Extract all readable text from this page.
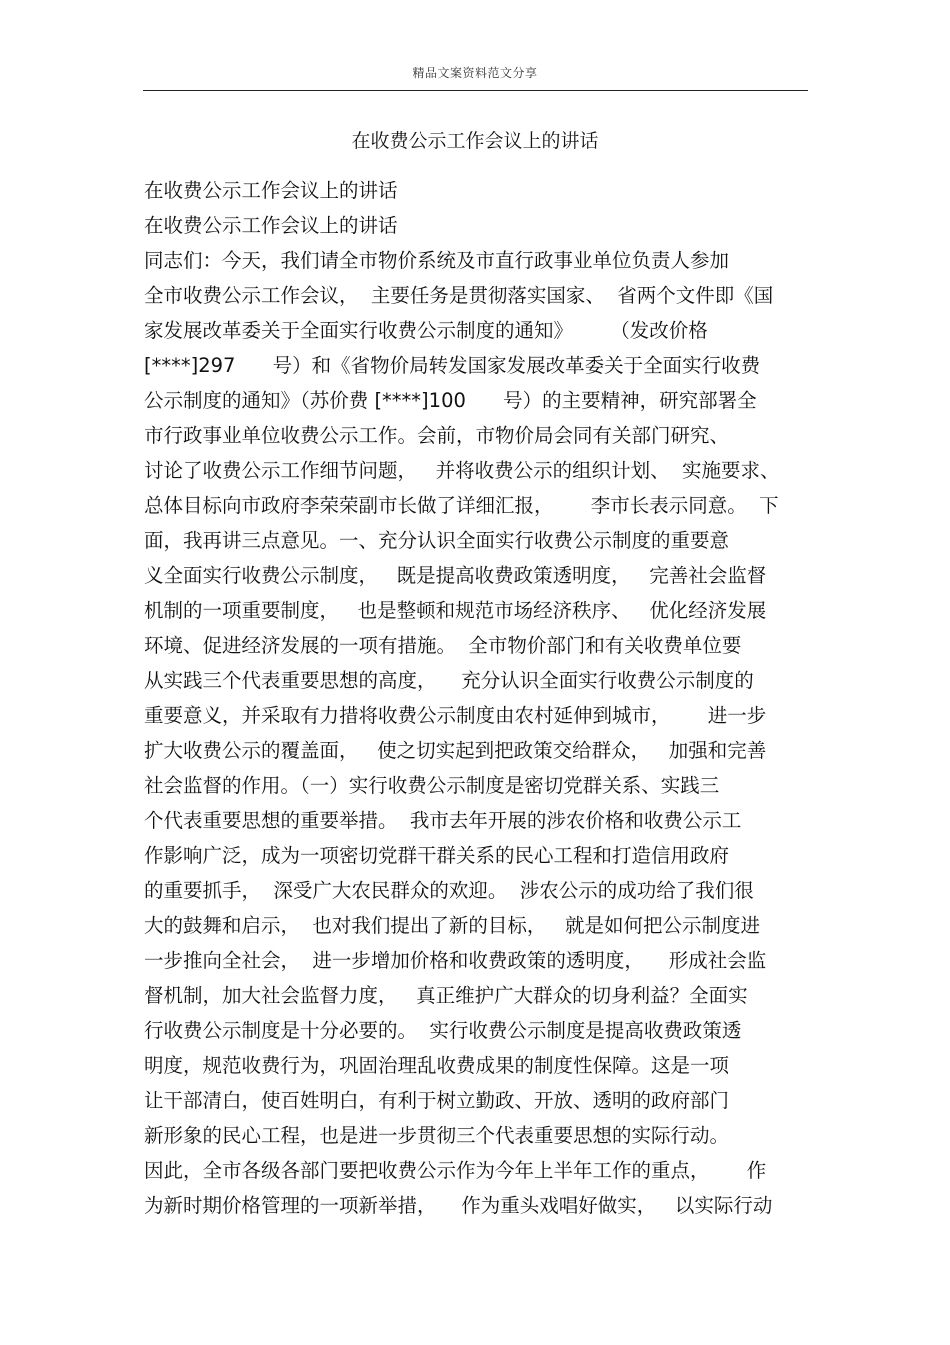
精品文案资料范文分享
在收费公示工作会议上的讲话
在收费公示工作会议上的讲话
在收费公示工作会议上的讲话
同志们：今天，我们请全市物价系统及市直行政事业单位负责人参加
全市收费公示工作会议，  主要任务是贯彻落实国家、  省两个文件即《国
家发展改革委关于全面实行收费公示制度的通知》      （发改价格
[****]297      号）和《省物价局转发国家发展改革委关于全面实行收费
公示制度的通知》（苏价费 [****]100      号）的主要精神，研究部署全
市行政事业单位收费公示工作。会前，市物价局会同有关部门研究、
讨论了收费公示工作细节问题，   并将收费公示的组织计划、  实施要求、
总体目标向市政府李荣荣副市长做了详细汇报，      李市长表示同意。  下
面，我再讲三点意见。一、充分认识全面实行收费公示制度的重要意
义全面实行收费公示制度，   既是提高收费政策透明度，   完善社会监督
机制的一项重要制度，   也是整顿和规范市场经济秩序、   优化经济发展
环境、促进经济发展的一项有措施。  全市物价部门和有关收费单位要
从实践三个代表重要思想的高度，    充分认识全面实行收费公示制度的
重要意义，并采取有力措将收费公示制度由农村延伸到城市，      进一步
扩大收费公示的覆盖面，   使之切实起到把政策交给群众，   加强和完善
社会监督的作用。（一）实行收费公示制度是密切党群关系、实践三
个代表重要思想的重要举措。  我市去年开展的涉农价格和收费公示工
作影响广泛，成为一项密切党群干群关系的民心工程和打造信用政府
的重要抓手，  深受广大农民群众的欢迎。  涉农公示的成功给了我们很
大的鼓舞和启示，  也对我们提出了新的目标，   就是如何把公示制度进
一步推向全社会，  进一步增加价格和收费政策的透明度，    形成社会监
督机制，加大社会监督力度，   真正维护广大群众的切身利益？全面实
行收费公示制度是十分必要的。  实行收费公示制度是提高收费政策透
明度，规范收费行为，巩固治理乱收费成果的制度性保障。这是一项
让干部清白，使百姓明白，有利于树立勤政、开放、透明的政府部门
新形象的民心工程，也是进一步贯彻三个代表重要思想的实际行动。
因此，全市各级各部门要把收费公示作为今年上半年工作的重点，      作
为新时期价格管理的一项新举措，    作为重头戏唱好做实，   以实际行动
